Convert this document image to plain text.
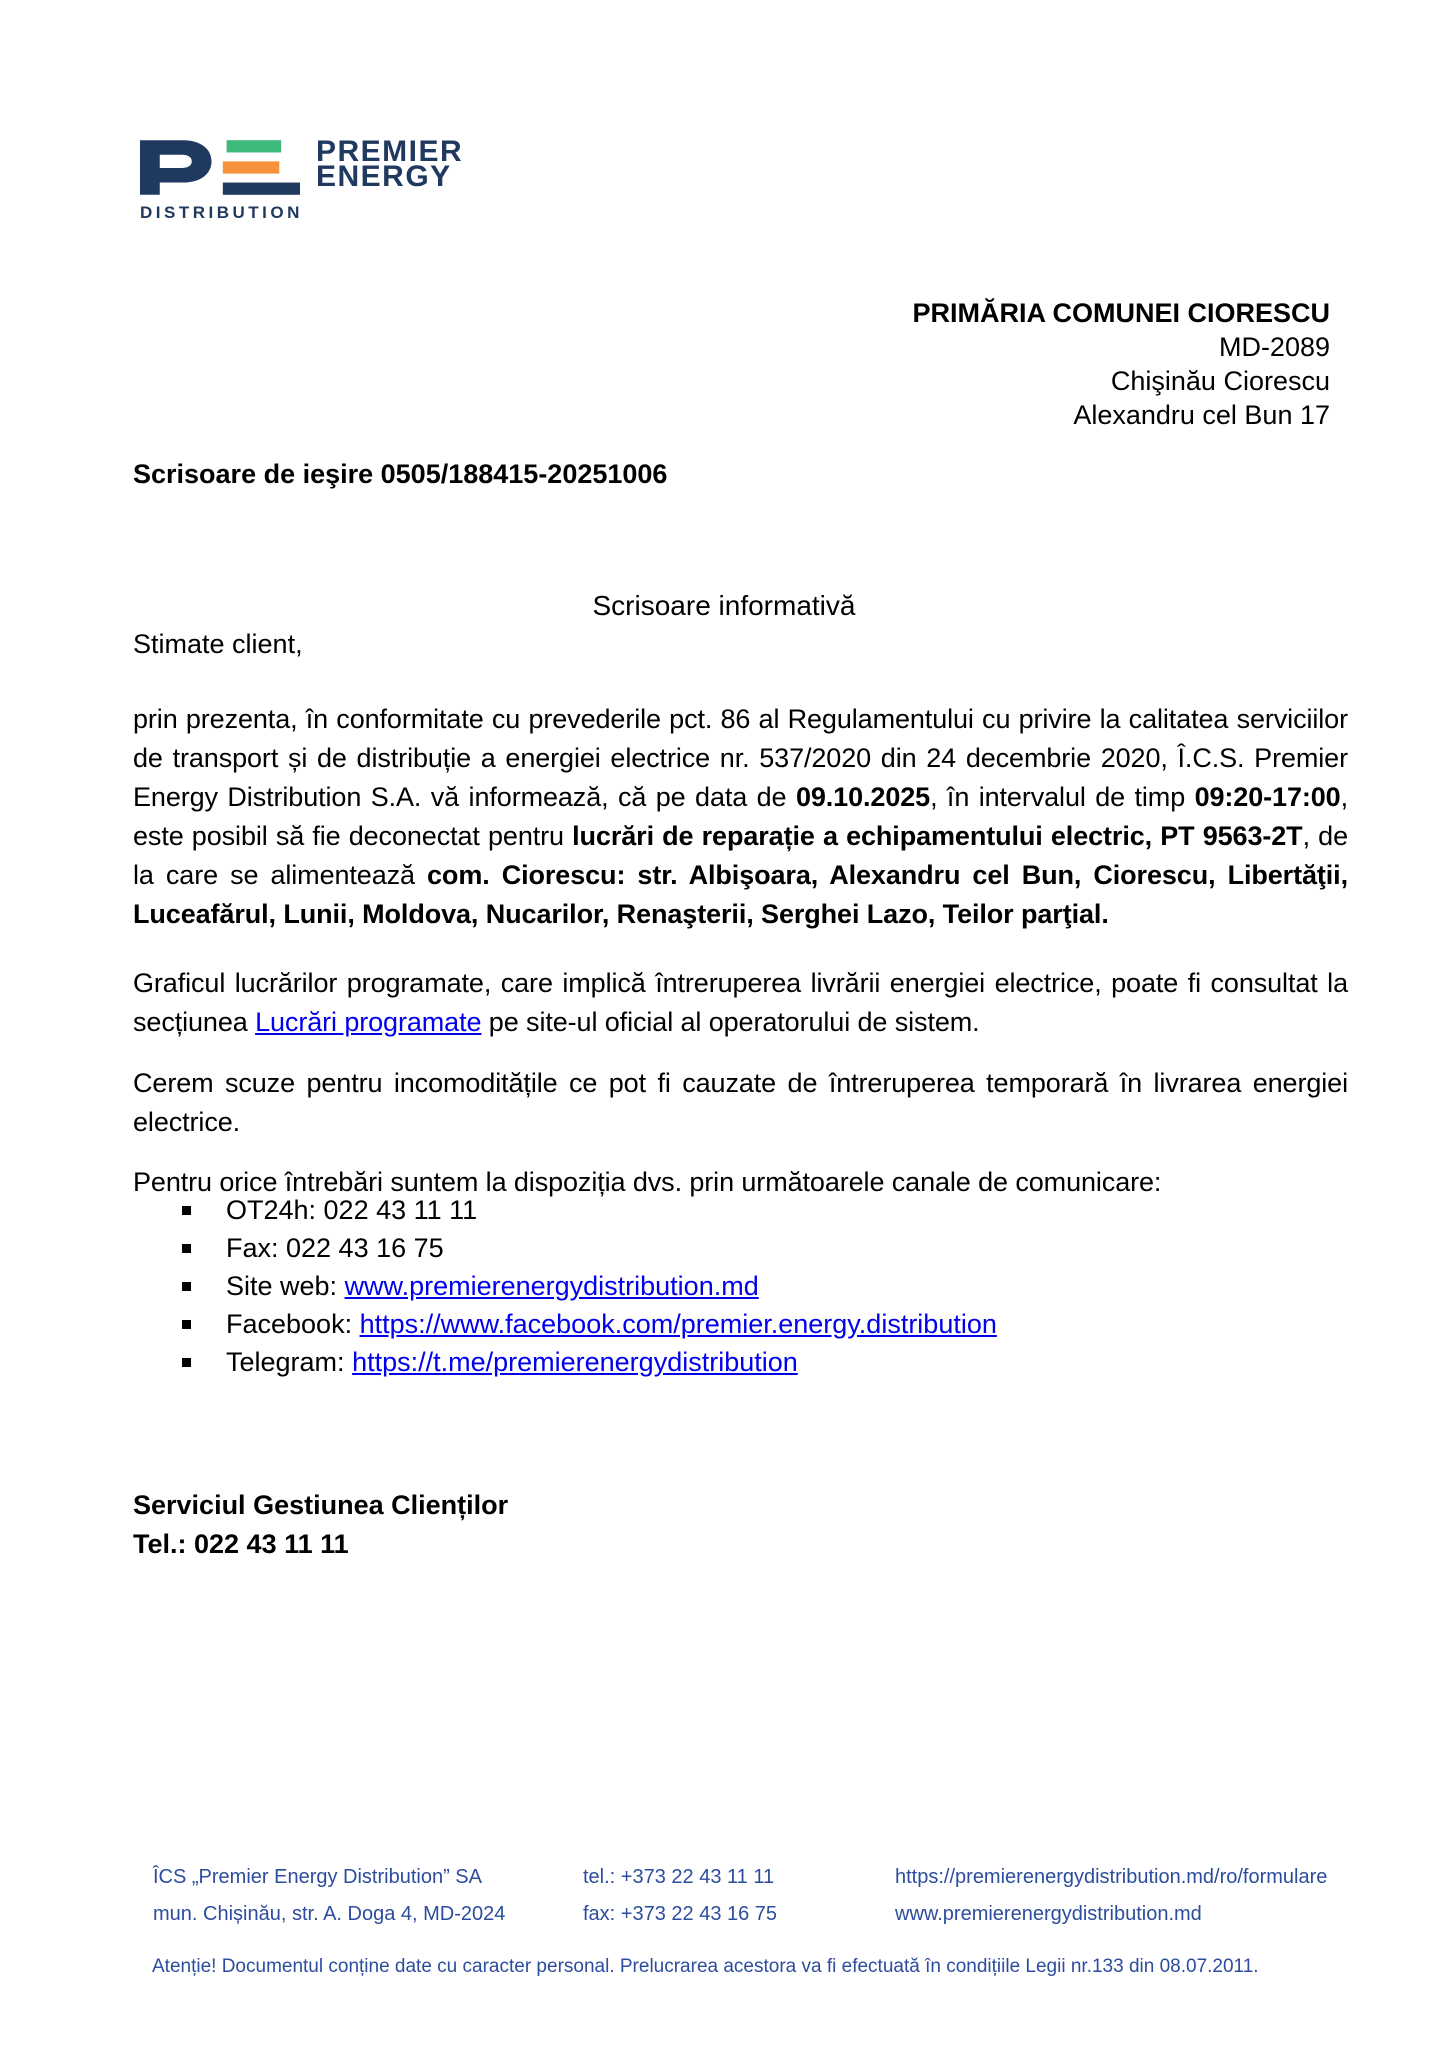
PREMIER
ENERGY
DISTRIBUTION
PRIMĂRIA COMUNEI CIORESCU
MD-2089
Chişinău Ciorescu
Alexandru cel Bun 17
Scrisoare de ieşire 0505/188415-20251006
Scrisoare informativă
Stimate client,

prin prezenta, în conformitate cu prevederile pct. 86 al Regulamentului cu privire la calitatea serviciilor de transport și de distribuție a energiei electrice nr. 537/2020 din 24 decembrie 2020, Î.C.S. Premier Energy Distribution S.A. vă informează, că pe data de 09.10.2025, în intervalul de timp 09:20-17:00, este posibil să fie deconectat pentru lucrări de reparație a echipamentului electric, PT 9563-2T, de la care se alimentează com. Ciorescu: str. Albişoara, Alexandru cel Bun, Ciorescu, Libertăţii, Luceafărul, Lunii, Moldova, Nucarilor, Renaşterii, Serghei Lazo, Teilor parţial.

Graficul lucrărilor programate, care implică întreruperea livrării energiei electrice, poate fi consultat la secțiunea Lucrări programate pe site-ul oficial al operatorului de sistem.

Cerem scuze pentru incomoditățile ce pot fi cauzate de întreruperea temporară în livrarea energiei electrice.

Pentru orice întrebări suntem la dispoziția dvs. prin următoarele canale de comunicare:

OT24h: 022 43 11 11
Fax: 022 43 16 75
Site web: www.premierenergydistribution.md
Facebook: https://www.facebook.com/premier.energy.distribution
Telegram: https://t.me/premierenergydistribution
Serviciul Gestiunea Clienților
Tel.: 022 43 11 11
ÎCS „Premier Energy Distribution” SA
mun. Chișinău, str. A. Doga 4, MD-2024
tel.: +373 22 43 11 11
fax: +373 22 43 16 75
https://premierenergydistribution.md/ro/formulare
www.premierenergydistribution.md
Atenție! Documentul conține date cu caracter personal. Prelucrarea acestora va fi efectuată în condițiile Legii nr.133 din 08.07.2011.
